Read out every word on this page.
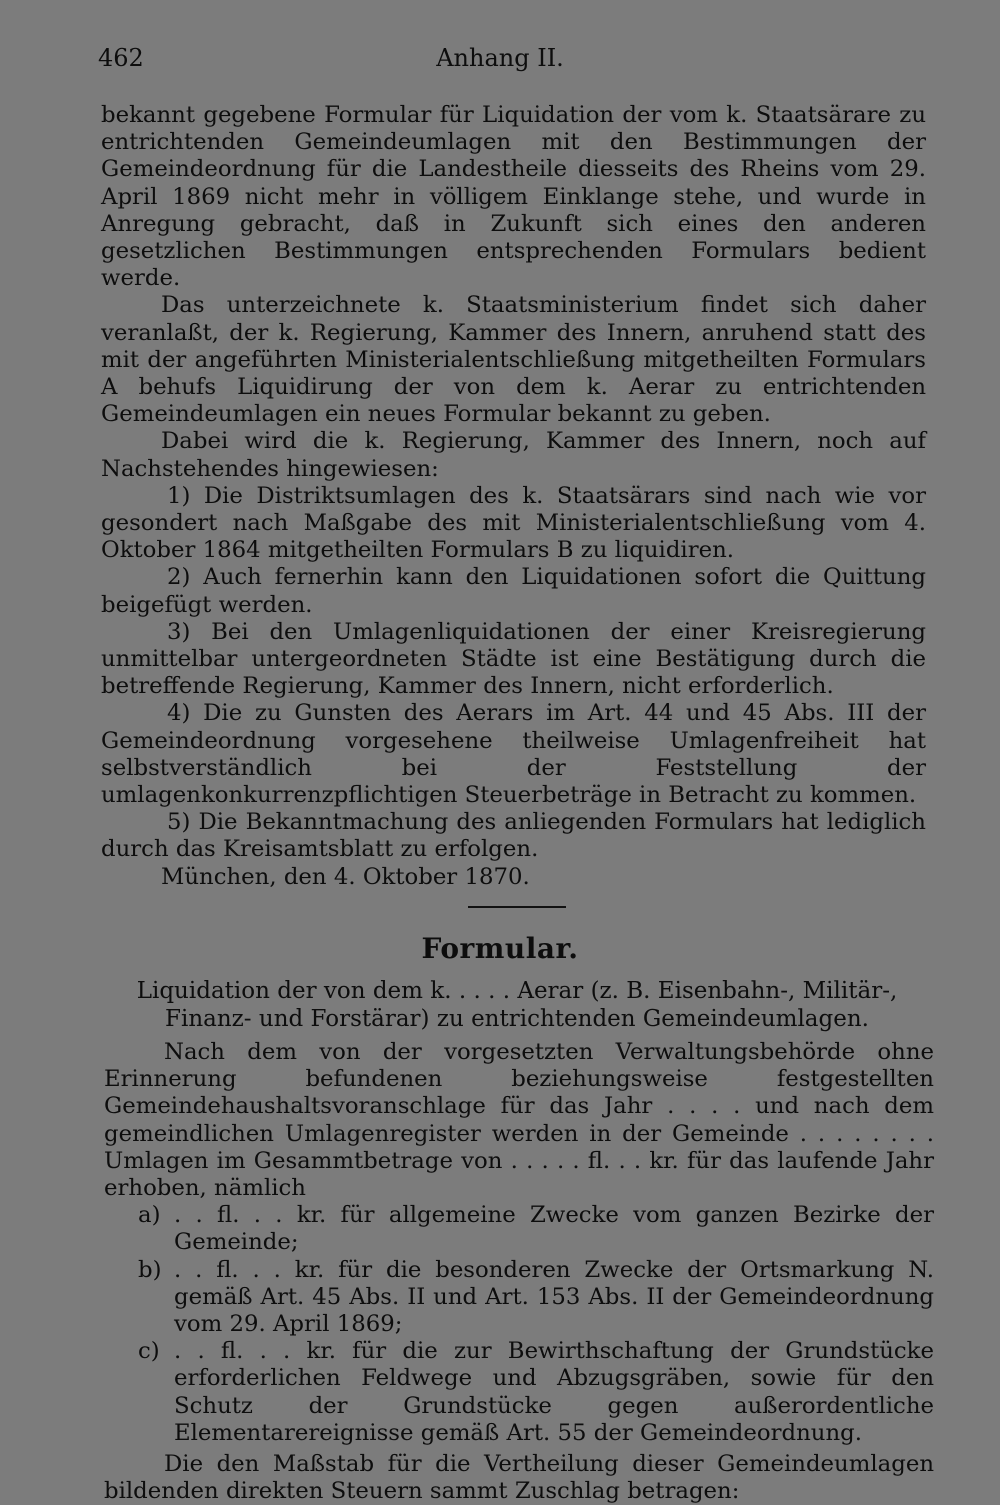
462	Anhang II.

bekannt gegebene Formular für Liquidation der vom k. Staatsärare zu entrichtenden Gemeindeumlagen mit den Bestimmungen der Gemeindeordnung für die Landestheile diesseits des Rheins vom 29. April 1869 nicht mehr in völligem Einklange stehe, und wurde in Anregung gebracht, daß in Zukunft sich eines den anderen gesetzlichen Bestimmungen entsprechenden Formulars bedient werde.

Das unterzeichnete k. Staatsministerium findet sich daher veranlaßt, der k. Regierung, Kammer des Innern, anruhend statt des mit der angeführten Ministerialentschließung mitgetheilten Formulars A behufs Liquidirung der von dem k. Aerar zu entrichtenden Gemeindeumlagen ein neues Formular bekannt zu geben.

Dabei wird die k. Regierung, Kammer des Innern, noch auf Nachstehendes hingewiesen:

1) Die Distriktsumlagen des k. Staatsärars sind nach wie vor gesondert nach Maßgabe des mit Ministerialentschließung vom 4. Oktober 1864 mitgetheilten Formulars B zu liquidiren.

2) Auch fernerhin kann den Liquidationen sofort die Quittung beigefügt werden.

3) Bei den Umlagenliquidationen der einer Kreisregierung unmittelbar untergeordneten Städte ist eine Bestätigung durch die betreffende Regierung, Kammer des Innern, nicht erforderlich.

4) Die zu Gunsten des Aerars im Art. 44 und 45 Abs. III der Gemeindeordnung vorgesehene theilweise Umlagenfreiheit hat selbstverständlich bei der Feststellung der umlagenkonkurrenzpflichtigen Steuerbeträge in Betracht zu kommen.

5) Die Bekanntmachung des anliegenden Formulars hat lediglich durch das Kreisamtsblatt zu erfolgen.

München, den 4. Oktober 1870.

Formular.
Liquidation der von dem k. . . . . Aerar (z. B. Eisenbahn-, Militär-, Finanz- und Forstärar) zu entrichtenden Gemeindeumlagen.

Nach dem von der vorgesetzten Verwaltungsbehörde ohne Erinnerung befundenen beziehungsweise festgestellten Gemeindehaushaltsvoranschlage für das Jahr . . . . und nach dem gemeindlichen Umlagenregister werden in der Gemeinde . . . . . . . . Umlagen im Gesammtbetrage von . . . . . fl. . . kr. für das laufende Jahr erhoben, nämlich

a) . . fl. . . kr. für allgemeine Zwecke vom ganzen Bezirke der Gemeinde;
b) . . fl. . . kr. für die besonderen Zwecke der Ortsmarkung N. gemäß Art. 45 Abs. II und Art. 153 Abs. II der Gemeindeordnung vom 29. April 1869;
c) . . fl. . . kr. für die zur Bewirthschaftung der Grundstücke erforderlichen Feldwege und Abzugsgräben, sowie für den Schutz der Grundstücke gegen außerordentliche Elementarereignisse gemäß Art. 55 der Gemeindeordnung.

Die den Maßstab für die Vertheilung dieser Gemeindeumlagen bildenden direkten Steuern sammt Zuschlag betragen:
